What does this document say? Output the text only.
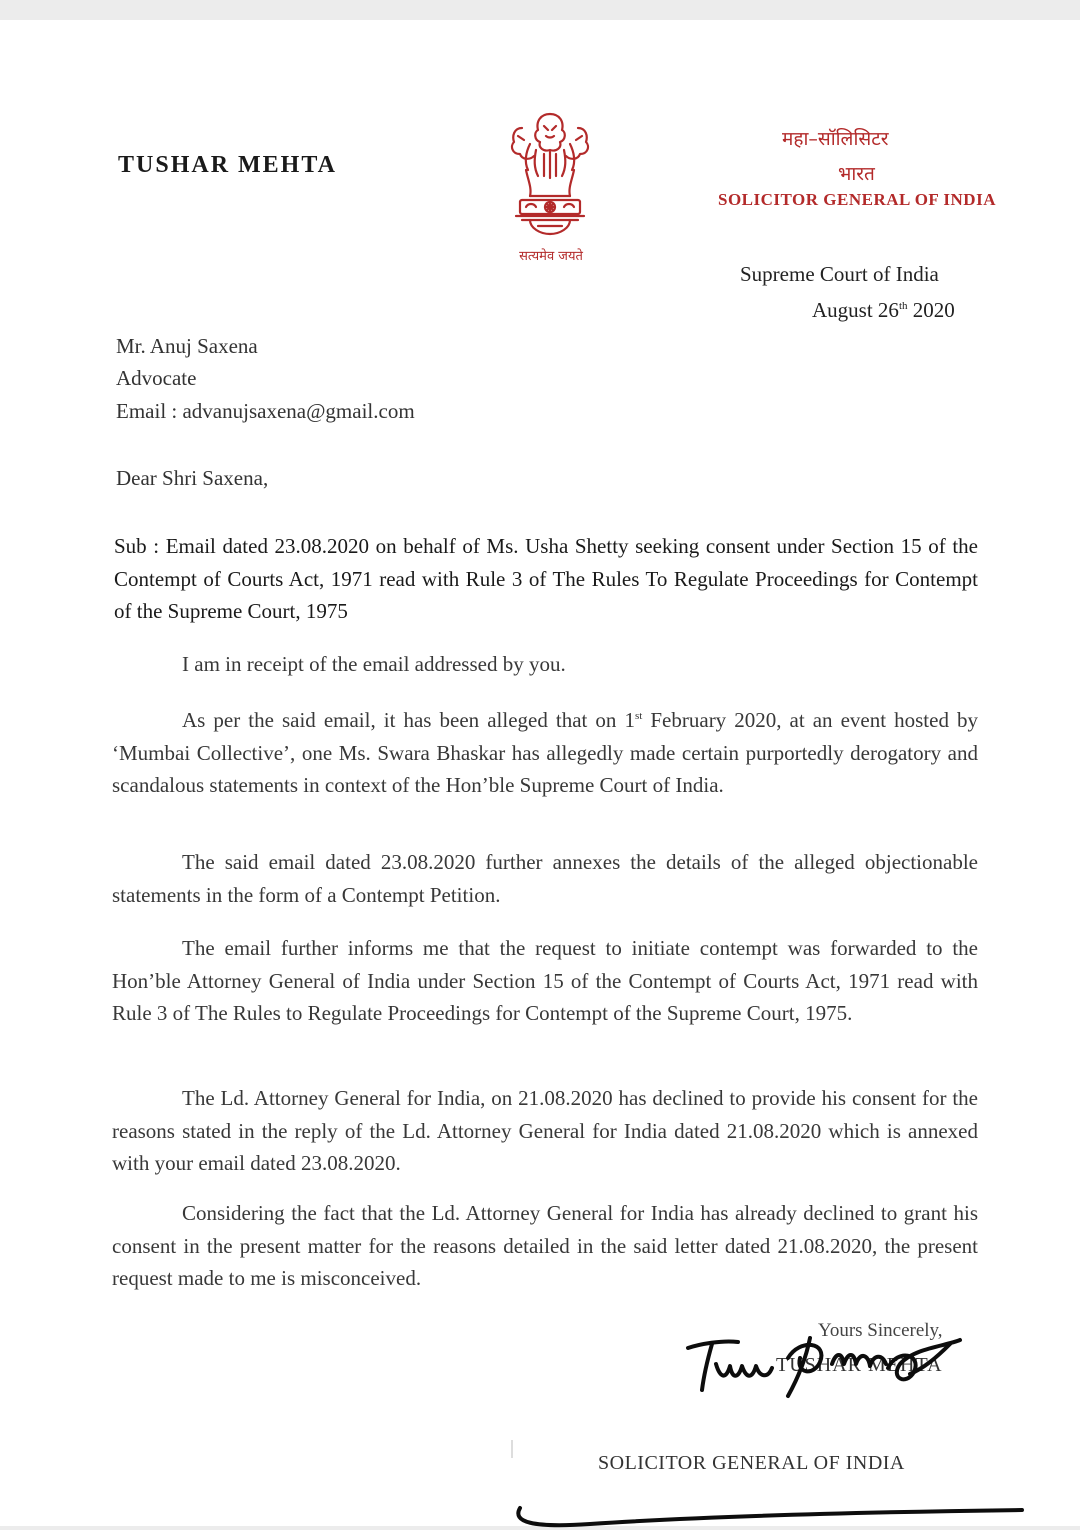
TUSHAR MEHTA
सत्यमेव जयते
महा–सॉलिसिटर
भारत
SOLICITOR GENERAL OF INDIA
Supreme Court of India
August 26th 2020
Mr. Anuj Saxena
Advocate
Email : advanujsaxena@gmail.com
Dear Shri Saxena,
Sub : Email dated 23.08.2020 on behalf of Ms. Usha Shetty seeking consent under Section 15 of the Contempt of Courts Act, 1971 read with Rule 3 of The Rules To Regulate Proceedings for Contempt of the Supreme Court, 1975
I am in receipt of the email addressed by you.
As per the said email, it has been alleged that on 1st February 2020, at an event hosted by ‘Mumbai Collective’, one Ms. Swara Bhaskar has allegedly made certain purportedly derogatory and scandalous statements in context of the Hon’ble Supreme Court of India.
The said email dated 23.08.2020 further annexes the details of the alleged objectionable statements in the form of a Contempt Petition.
The email further informs me that the request to initiate contempt was forwarded to the Hon’ble Attorney General of India under Section 15 of the Contempt of Courts Act, 1971 read with Rule 3 of The Rules to Regulate Proceedings for Contempt of the Supreme Court, 1975.
The Ld. Attorney General for India, on 21.08.2020 has declined to provide his consent for the reasons stated in the reply of the Ld. Attorney General for India dated 21.08.2020 which is annexed with your email dated 23.08.2020.
Considering the fact that the Ld. Attorney General for India has already declined to grant his consent in the present matter for the reasons detailed in the said letter dated 21.08.2020, the present request made to me is misconceived.
Yours Sincerely,
TUSHAR MEHTA
SOLICITOR GENERAL OF INDIA
